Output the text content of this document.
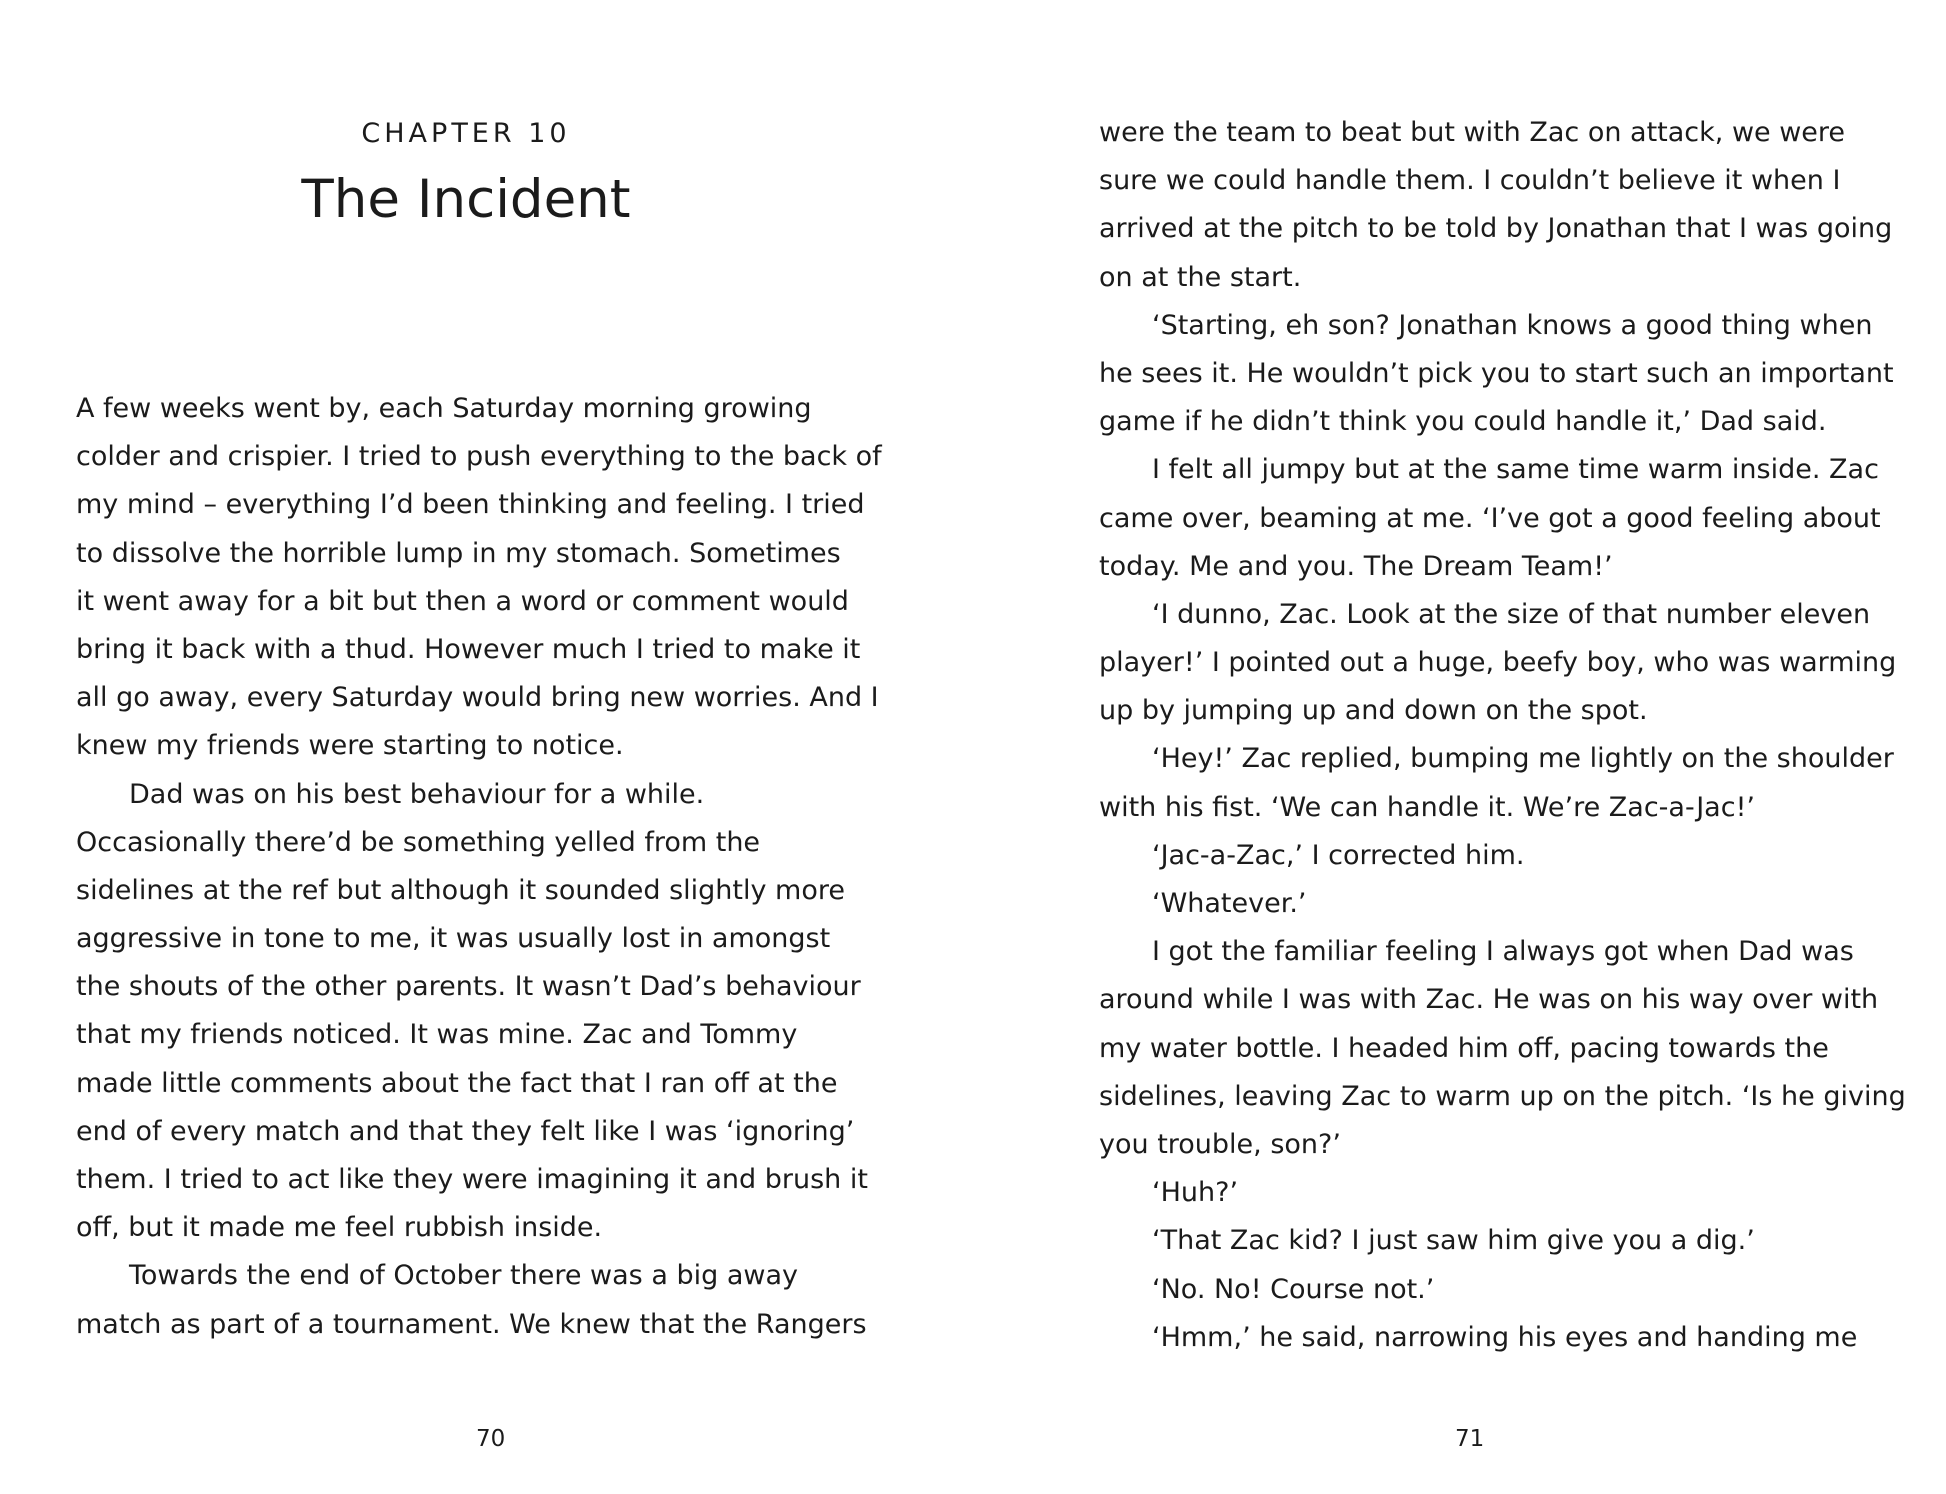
CHAPTER 10
The Incident
A few weeks went by, each Saturday morning growing
colder and crispier. I tried to push everything to the back of
my mind – everything I’d been thinking and feeling. I tried
to dissolve the horrible lump in my stomach. Sometimes
it went away for a bit but then a word or comment would
bring it back with a thud. However much I tried to make it
all go away, every Saturday would bring new worries. And I
knew my friends were starting to notice.
Dad was on his best behaviour for a while.
Occasionally there’d be something yelled from the
sidelines at the ref but although it sounded slightly more
aggressive in tone to me, it was usually lost in amongst
the shouts of the other parents. It wasn’t Dad’s behaviour
that my friends noticed. It was mine. Zac and Tommy
made little comments about the fact that I ran off at the
end of every match and that they felt like I was ‘ignoring’
them. I tried to act like they were imagining it and brush it
off, but it made me feel rubbish inside.
Towards the end of October there was a big away
match as part of a tournament. We knew that the Rangers
70
were the team to beat but with Zac on attack, we were
sure we could handle them. I couldn’t believe it when I
arrived at the pitch to be told by Jonathan that I was going
on at the start.
‘Starting, eh son? Jonathan knows a good thing when
he sees it. He wouldn’t pick you to start such an important
game if he didn’t think you could handle it,’ Dad said.
I felt all jumpy but at the same time warm inside. Zac
came over, beaming at me. ‘I’ve got a good feeling about
today. Me and you. The Dream Team!’
‘I dunno, Zac. Look at the size of that number eleven
player!’ I pointed out a huge, beefy boy, who was warming
up by jumping up and down on the spot.
‘Hey!’ Zac replied, bumping me lightly on the shoulder
with his fist. ‘We can handle it. We’re Zac-a-Jac!’
‘Jac-a-Zac,’ I corrected him.
‘Whatever.’
I got the familiar feeling I always got when Dad was
around while I was with Zac. He was on his way over with
my water bottle. I headed him off, pacing towards the
sidelines, leaving Zac to warm up on the pitch. ‘Is he giving
you trouble, son?’
‘Huh?’
‘That Zac kid? I just saw him give you a dig.’
‘No. No! Course not.’
‘Hmm,’ he said, narrowing his eyes and handing me
71
